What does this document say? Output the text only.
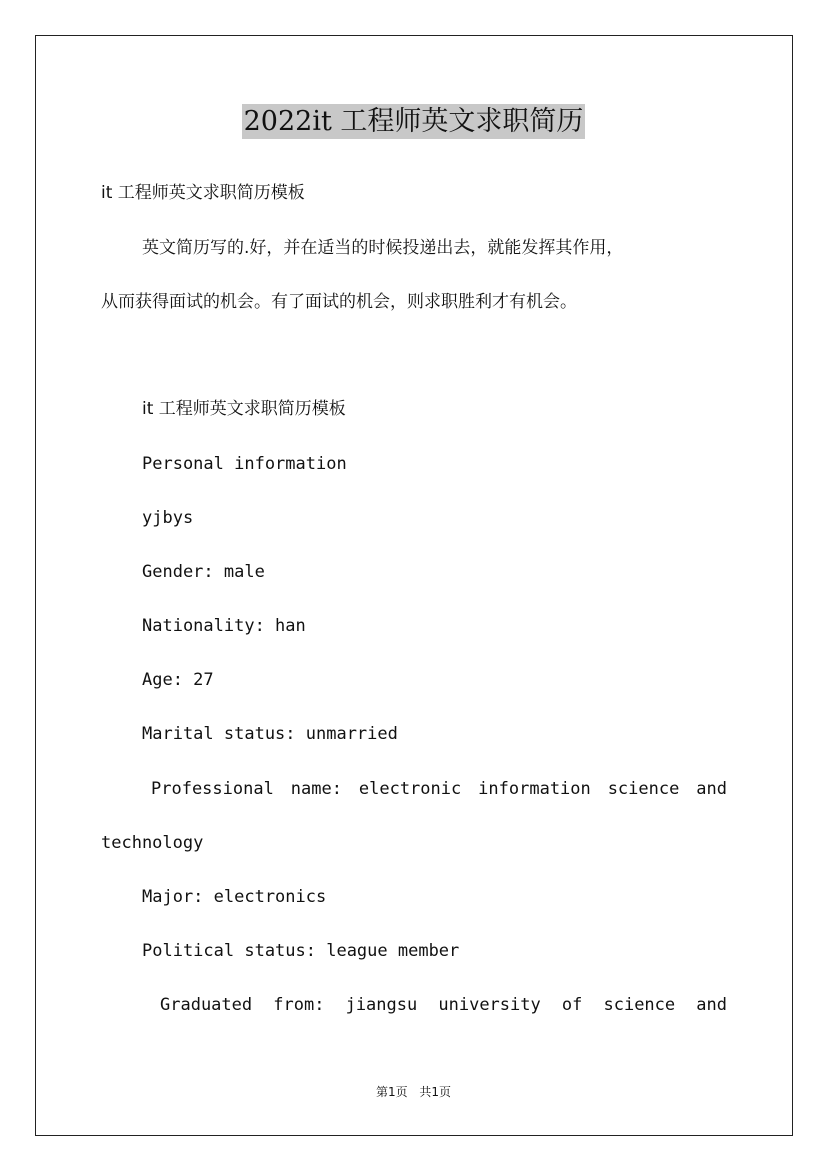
2022it 工程师英文求职简历

it 工程师英文求职简历模板

英文简历写的.好，并在适当的时候投递出去，就能发挥其作用，

从而获得面试的机会。有了面试的机会，则求职胜利才有机会。

it 工程师英文求职简历模板

Personal information

yjbys

Gender: male

Nationality: han

Age: 27

Marital status: unmarried

Professional name: electronic information science and

technology

Major: electronics

Political status: league member

Graduated from: jiangsu university of science and

第1页 共1页
